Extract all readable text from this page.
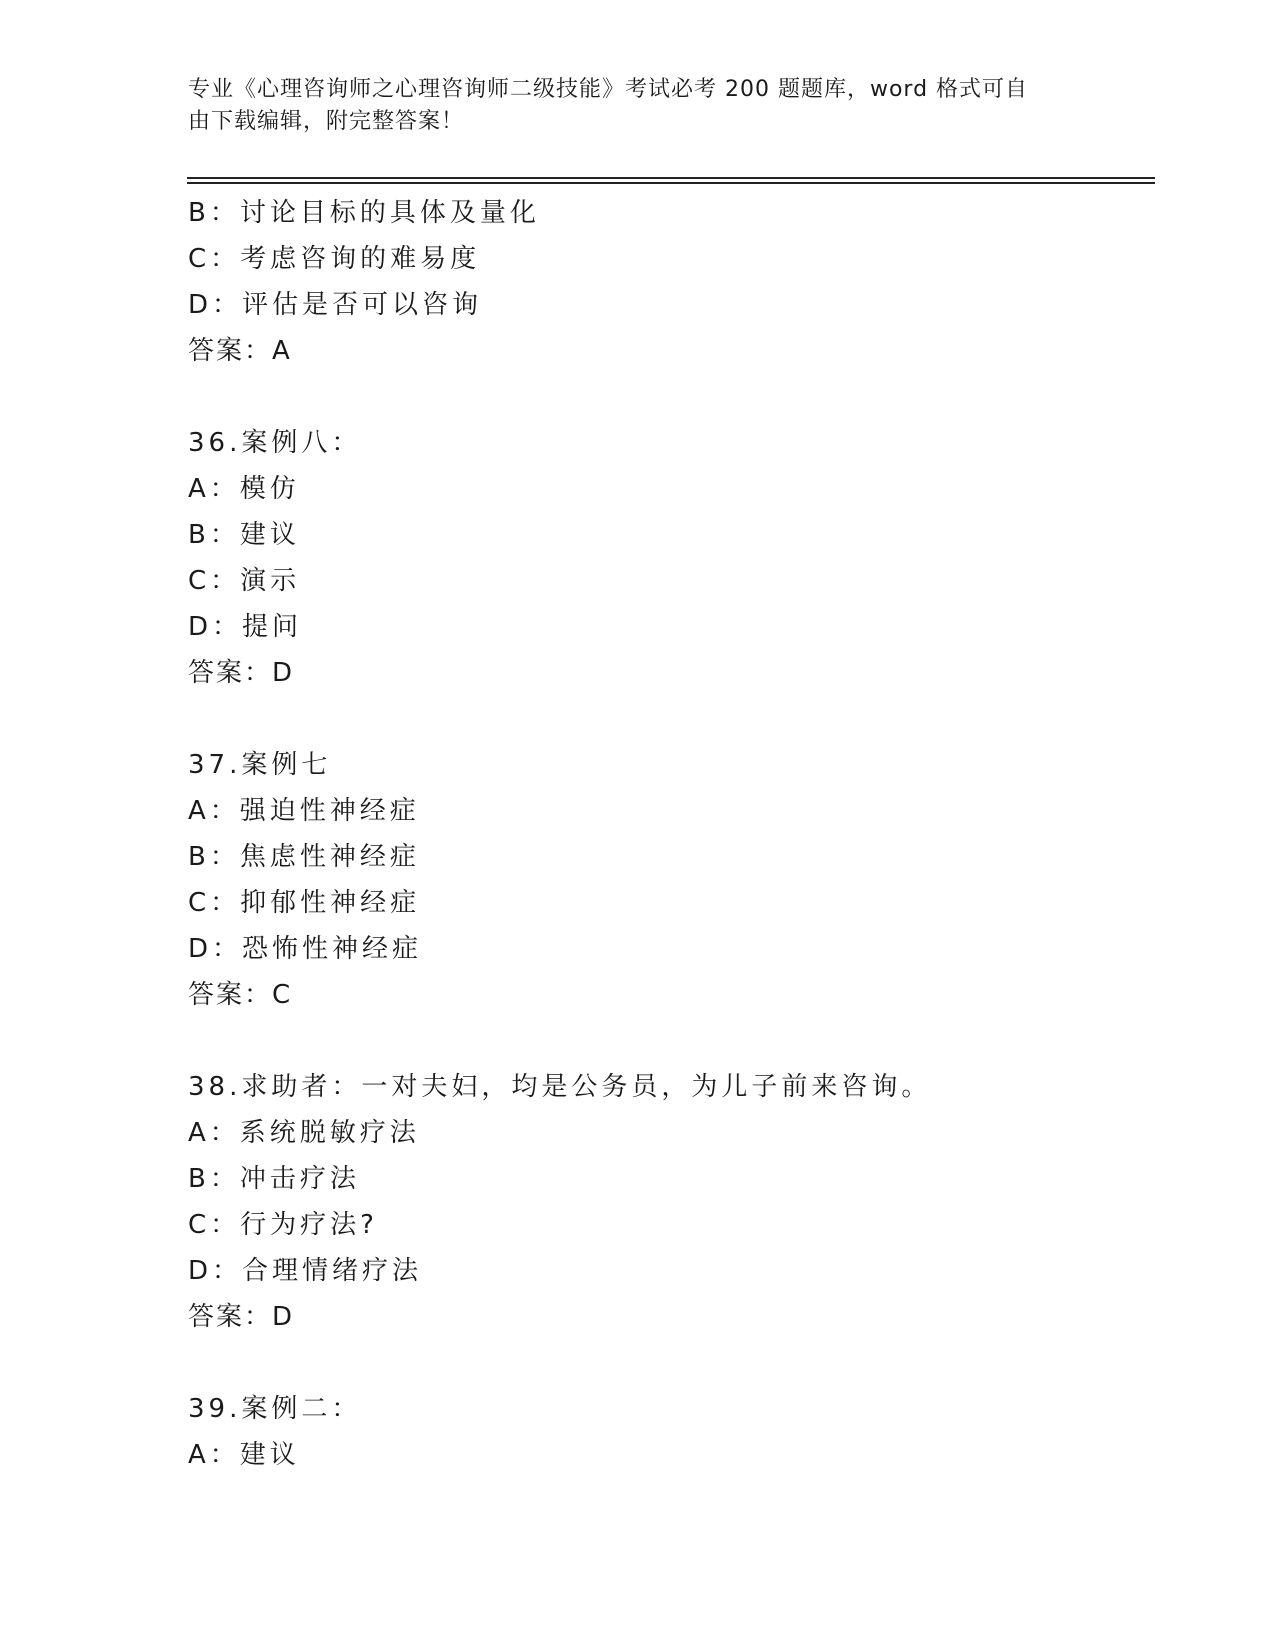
专业《心理咨询师之心理咨询师二级技能》考试必考 200 题题库，word 格式可自
由下载编辑，附完整答案！
B：讨论目标的具体及量化
C：考虑咨询的难易度
D：评估是否可以咨询
答案：A
36.案例八：
A：模仿
B：建议
C：演示
D：提问
答案：D
37.案例七
A：强迫性神经症
B：焦虑性神经症
C：抑郁性神经症
D：恐怖性神经症
答案：C
38.求助者：一对夫妇，均是公务员，为儿子前来咨询。
A：系统脱敏疗法
B：冲击疗法
C：行为疗法?
D：合理情绪疗法
答案：D
39.案例二：
A：建议
